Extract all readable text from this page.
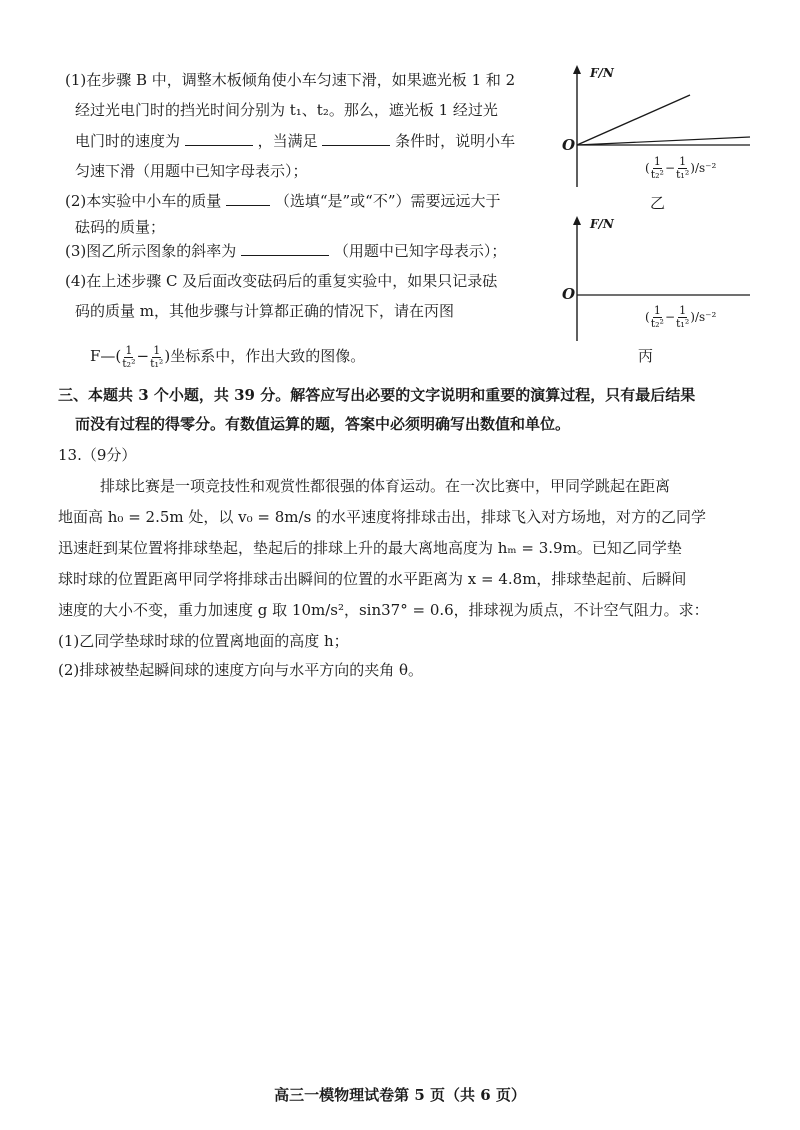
(1)在步骤 B 中，调整木板倾角使小车匀速下滑，如果遮光板 1 和 2
经过光电门时的挡光时间分别为 t₁、t₂。那么，遮光板 1 经过光
电门时的速度为	，当满足	条件时，说明小车
匀速下滑（用题中已知字母表示）；
(2)本实验中小车的质量	（选填“是”或“不”）需要远远大于
砝码的质量；
(3)图乙所示图象的斜率为	（用题中已知字母表示）；
(4)在上述步骤 C 及后面改变砝码后的重复实验中，如果只记录砝
码的质量 m，其他步骤与计算都正确的情况下，请在丙图
F—( $\frac{1}{\text{t₂²}} - \frac{1}{\text{t₁²}}$ )坐标系中，作出大致的图像。
F/N
O
( $\frac{1}{\text{t₂²}} - \frac{1}{\text{t₁²}} )/s^{-2}$
乙
F/N
O
( $\frac{1}{\text{t₂²}} - \frac{1}{\text{t₁²}} )/s^{-2}$
丙
三、本题共 3 个小题，共 39 分。解答应写出必要的文字说明和重要的演算过程，只有最后结果
而没有过程的得零分。有数值运算的题，答案中必须明确写出数值和单位。
13.（9分）
排球比赛是一项竞技性和观赏性都很强的体育运动。在一次比赛中，甲同学跳起在距离
地面高 h₀ = 2.5m 处，以 v₀ = 8m/s 的水平速度将排球击出，排球飞入对方场地，对方的乙同学
迅速赶到某位置将排球垫起，垫起后的排球上升的最大离地高度为 hₘ = 3.9m。已知乙同学垫
球时球的位置距离甲同学将排球击出瞬间的位置的水平距离为 x = 4.8m，排球垫起前、后瞬间
速度的大小不变，重力加速度 g 取 10m/s²，sin37° = 0.6，排球视为质点，不计空气阻力。求：
(1)乙同学垫球时球的位置离地面的高度 h；
(2)排球被垫起瞬间球的速度方向与水平方向的夹角 θ。
高三一模物理试卷第 5 页（共 6 页）
